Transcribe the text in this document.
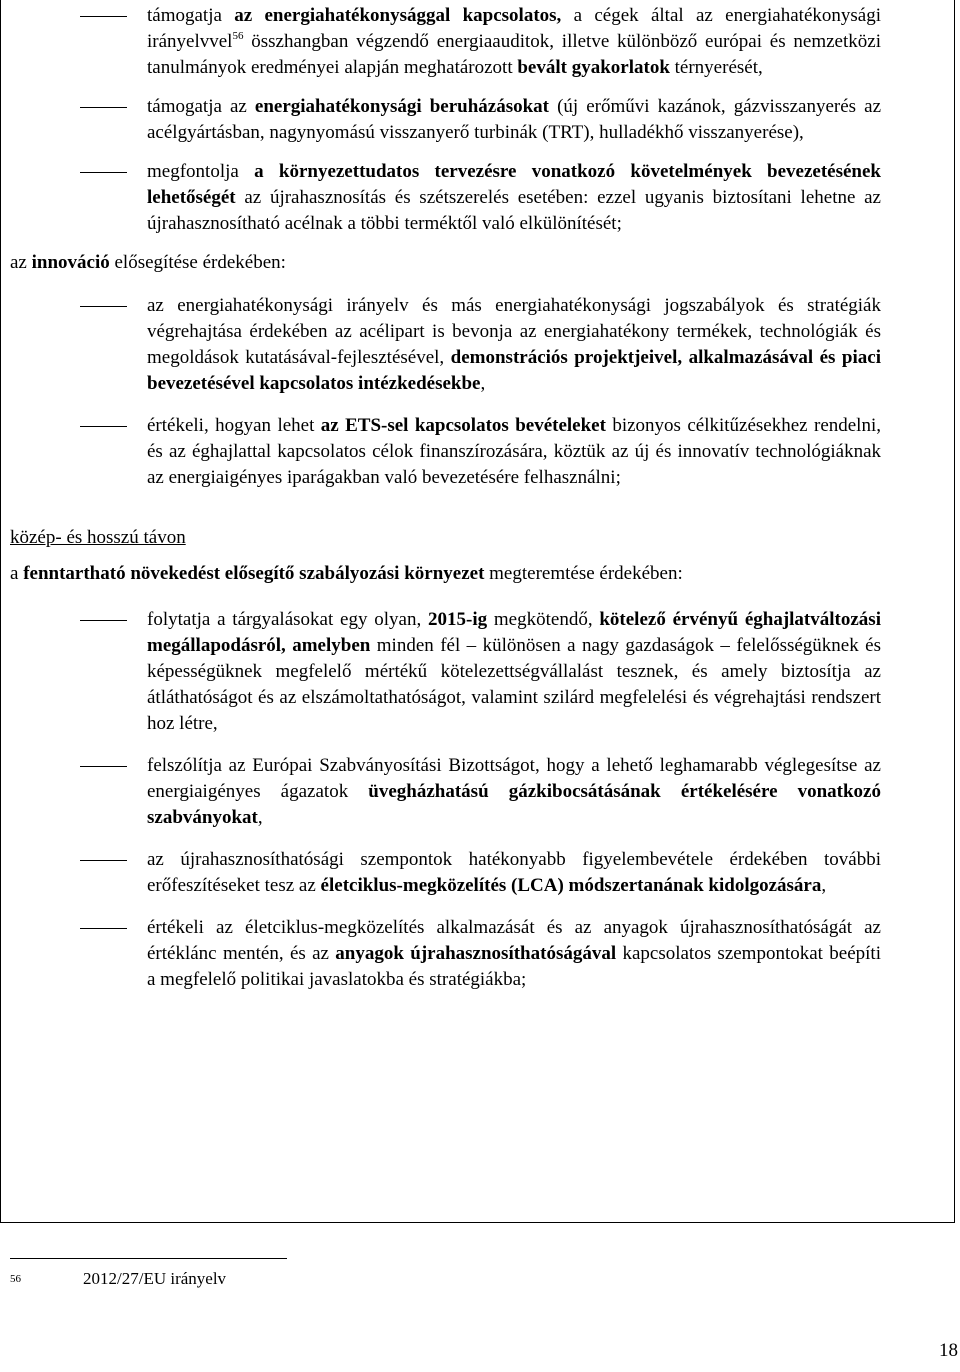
támogatja az energiahatékonysággal kapcsolatos, a cégek által az energiahatékonysági irányelvvel$^{56}$ összhangban végzendő energiaauditok, illetve különböző európai és nemzetközi tanulmányok eredményei alapján meghatározott bevált gyakorlatok térnyerését,
támogatja az energiahatékonysági beruházásokat (új erőművi kazánok, gázvisszanyerés az acélgyártásban, nagynyomású visszanyerő turbinák (TRT), hulladékhő visszanyerése),
megfontolja a környezettudatos tervezésre vonatkozó követelmények bevezetésének lehetőségét az újrahasznosítás és szétszerelés esetében: ezzel ugyanis biztosítani lehetne az újrahasznosítható acélnak a többi terméktől való elkülönítését;
az innováció elősegítése érdekében:
az energiahatékonysági irányelv és más energiahatékonysági jogszabályok és stratégiák végrehajtása érdekében az acélipart is bevonja az energiahatékony termékek, technológiák és megoldások kutatásával-fejlesztésével, demonstrációs projektjeivel, alkalmazásával és piaci bevezetésével kapcsolatos intézkedésekbe,
értékeli, hogyan lehet az ETS-sel kapcsolatos bevételeket bizonyos célkitűzésekhez rendelni, és az éghajlattal kapcsolatos célok finanszírozására, köztük az új és innovatív technológiáknak az energiaigényes iparágakban való bevezetésére felhasználni;
közép- és hosszú távon
a fenntartható növekedést elősegítő szabályozási környezet megteremtése érdekében:
folytatja a tárgyalásokat egy olyan, 2015-ig megkötendő, kötelező érvényű éghajlatváltozási megállapodásról, amelyben minden fél – különösen a nagy gazdaságok – felelősségüknek és képességüknek megfelelő mértékű kötelezettségvállalást tesznek, és amely biztosítja az átláthatóságot és az elszámoltathatóságot, valamint szilárd megfelelési és végrehajtási rendszert hoz létre,
felszólítja az Európai Szabványosítási Bizottságot, hogy a lehető leghamarabb véglegesítse az energiaigényes ágazatok üvegházhatású gázkibocsátásának értékelésére vonatkozó szabványokat,
az újrahasznosíthatósági szempontok hatékonyabb figyelembevétele érdekében további erőfeszítéseket tesz az életciklus-megközelítés (LCA) módszertanának kidolgozására,
értékeli az életciklus-megközelítés alkalmazását és az anyagok újrahasznosíthatóságát az értéklánc mentén, és az anyagok újrahasznosíthatóságával kapcsolatos szempontokat beépíti a megfelelő politikai javaslatokba és stratégiákba;
$^{56}$	2012/27/EU irányelv
18
